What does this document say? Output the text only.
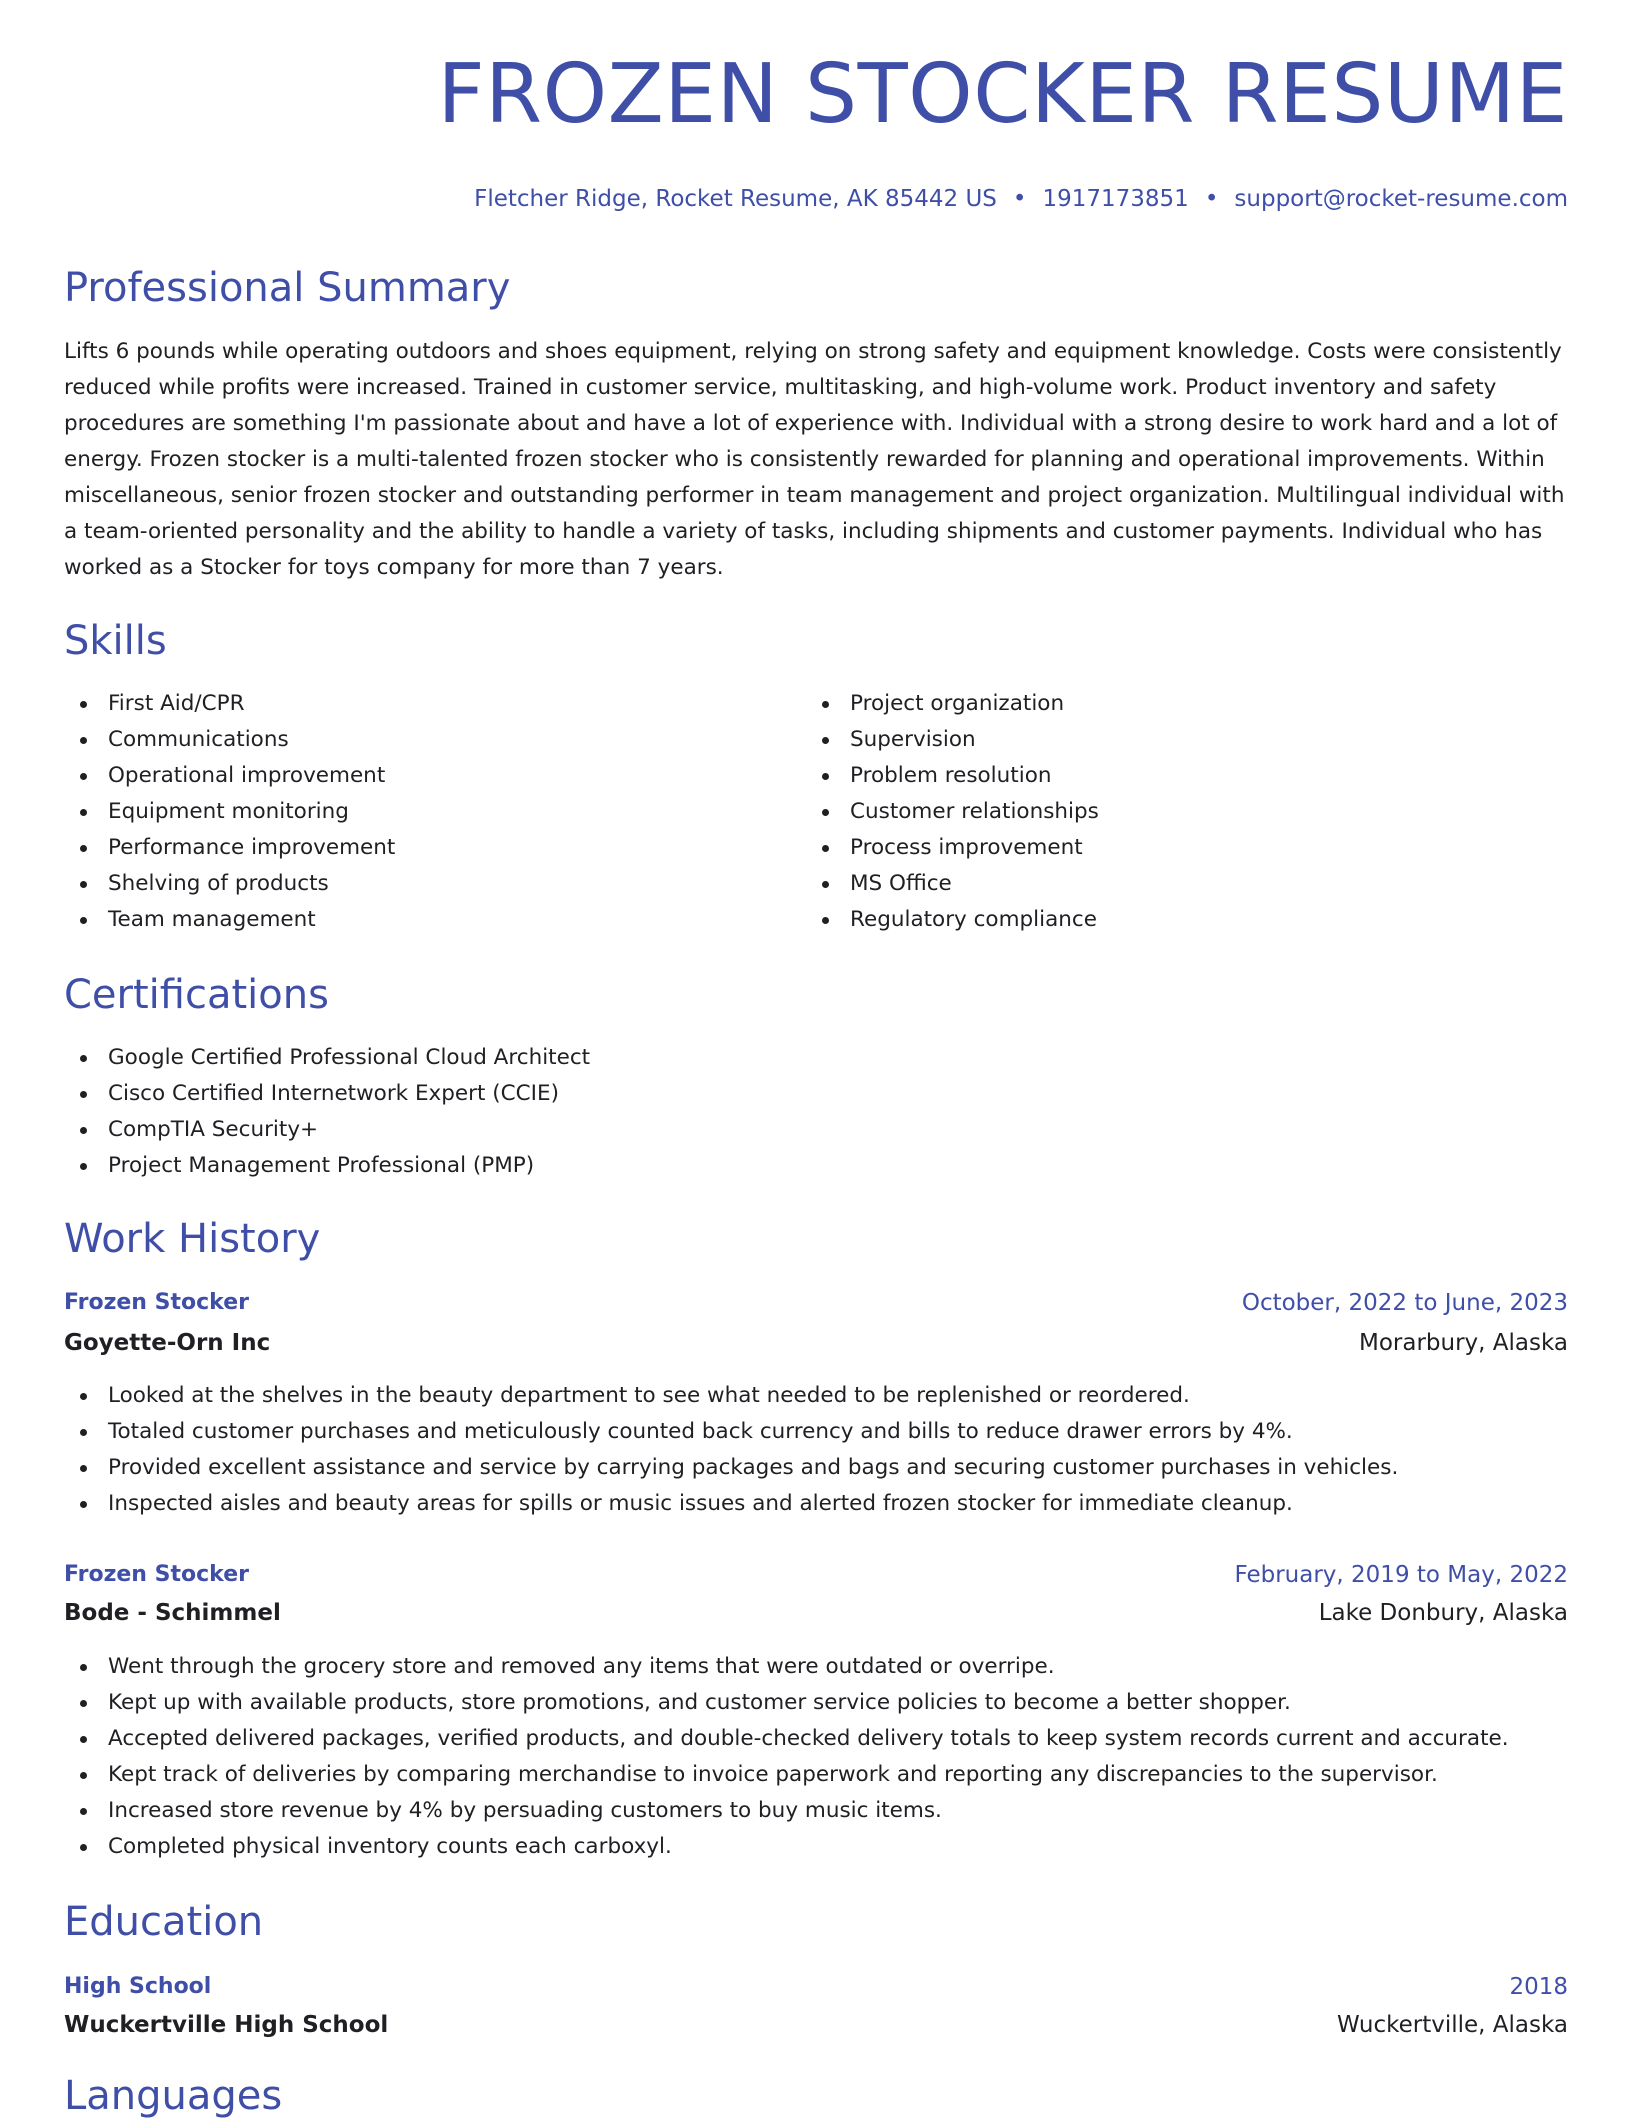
FROZEN STOCKER RESUME
Fletcher Ridge, Rocket Resume, AK 85442 US • 1917173851 • support@rocket-resume.com
Professional Summary

Lifts 6 pounds while operating outdoors and shoes equipment, relying on strong safety and equipment knowledge. Costs were consistently reduced while profits were increased. Trained in customer service, multitasking, and high-volume work. Product inventory and safety procedures are something I'm passionate about and have a lot of experience with. Individual with a strong desire to work hard and a lot of energy. Frozen stocker is a multi-talented frozen stocker who is consistently rewarded for planning and operational improvements. Within miscellaneous, senior frozen stocker and outstanding performer in team management and project organization. Multilingual individual with a team-oriented personality and the ability to handle a variety of tasks, including shipments and customer payments. Individual who has worked as a Stocker for toys company for more than 7 years.

Skills
First Aid/CPR
Communications
Operational improvement
Equipment monitoring
Performance improvement
Shelving of products
Team management
Project organization
Supervision
Problem resolution
Customer relationships
Process improvement
MS Office
Regulatory compliance
Certifications
Google Certified Professional Cloud Architect
Cisco Certified Internetwork Expert (CCIE)
CompTIA Security+
Project Management Professional (PMP)
Work History
Frozen Stocker	October, 2022 to June, 2023
Goyette-Orn Inc	Morarbury, Alaska
Looked at the shelves in the beauty department to see what needed to be replenished or reordered.
Totaled customer purchases and meticulously counted back currency and bills to reduce drawer errors by 4%.
Provided excellent assistance and service by carrying packages and bags and securing customer purchases in vehicles.
Inspected aisles and beauty areas for spills or music issues and alerted frozen stocker for immediate cleanup.
Frozen Stocker	February, 2019 to May, 2022
Bode - Schimmel	Lake Donbury, Alaska
Went through the grocery store and removed any items that were outdated or overripe.
Kept up with available products, store promotions, and customer service policies to become a better shopper.
Accepted delivered packages, verified products, and double-checked delivery totals to keep system records current and accurate.
Kept track of deliveries by comparing merchandise to invoice paperwork and reporting any discrepancies to the supervisor.
Increased store revenue by 4% by persuading customers to buy music items.
Completed physical inventory counts each carboxyl.
Education
High School	2018
Wuckertville High School	Wuckertville, Alaska
Languages
